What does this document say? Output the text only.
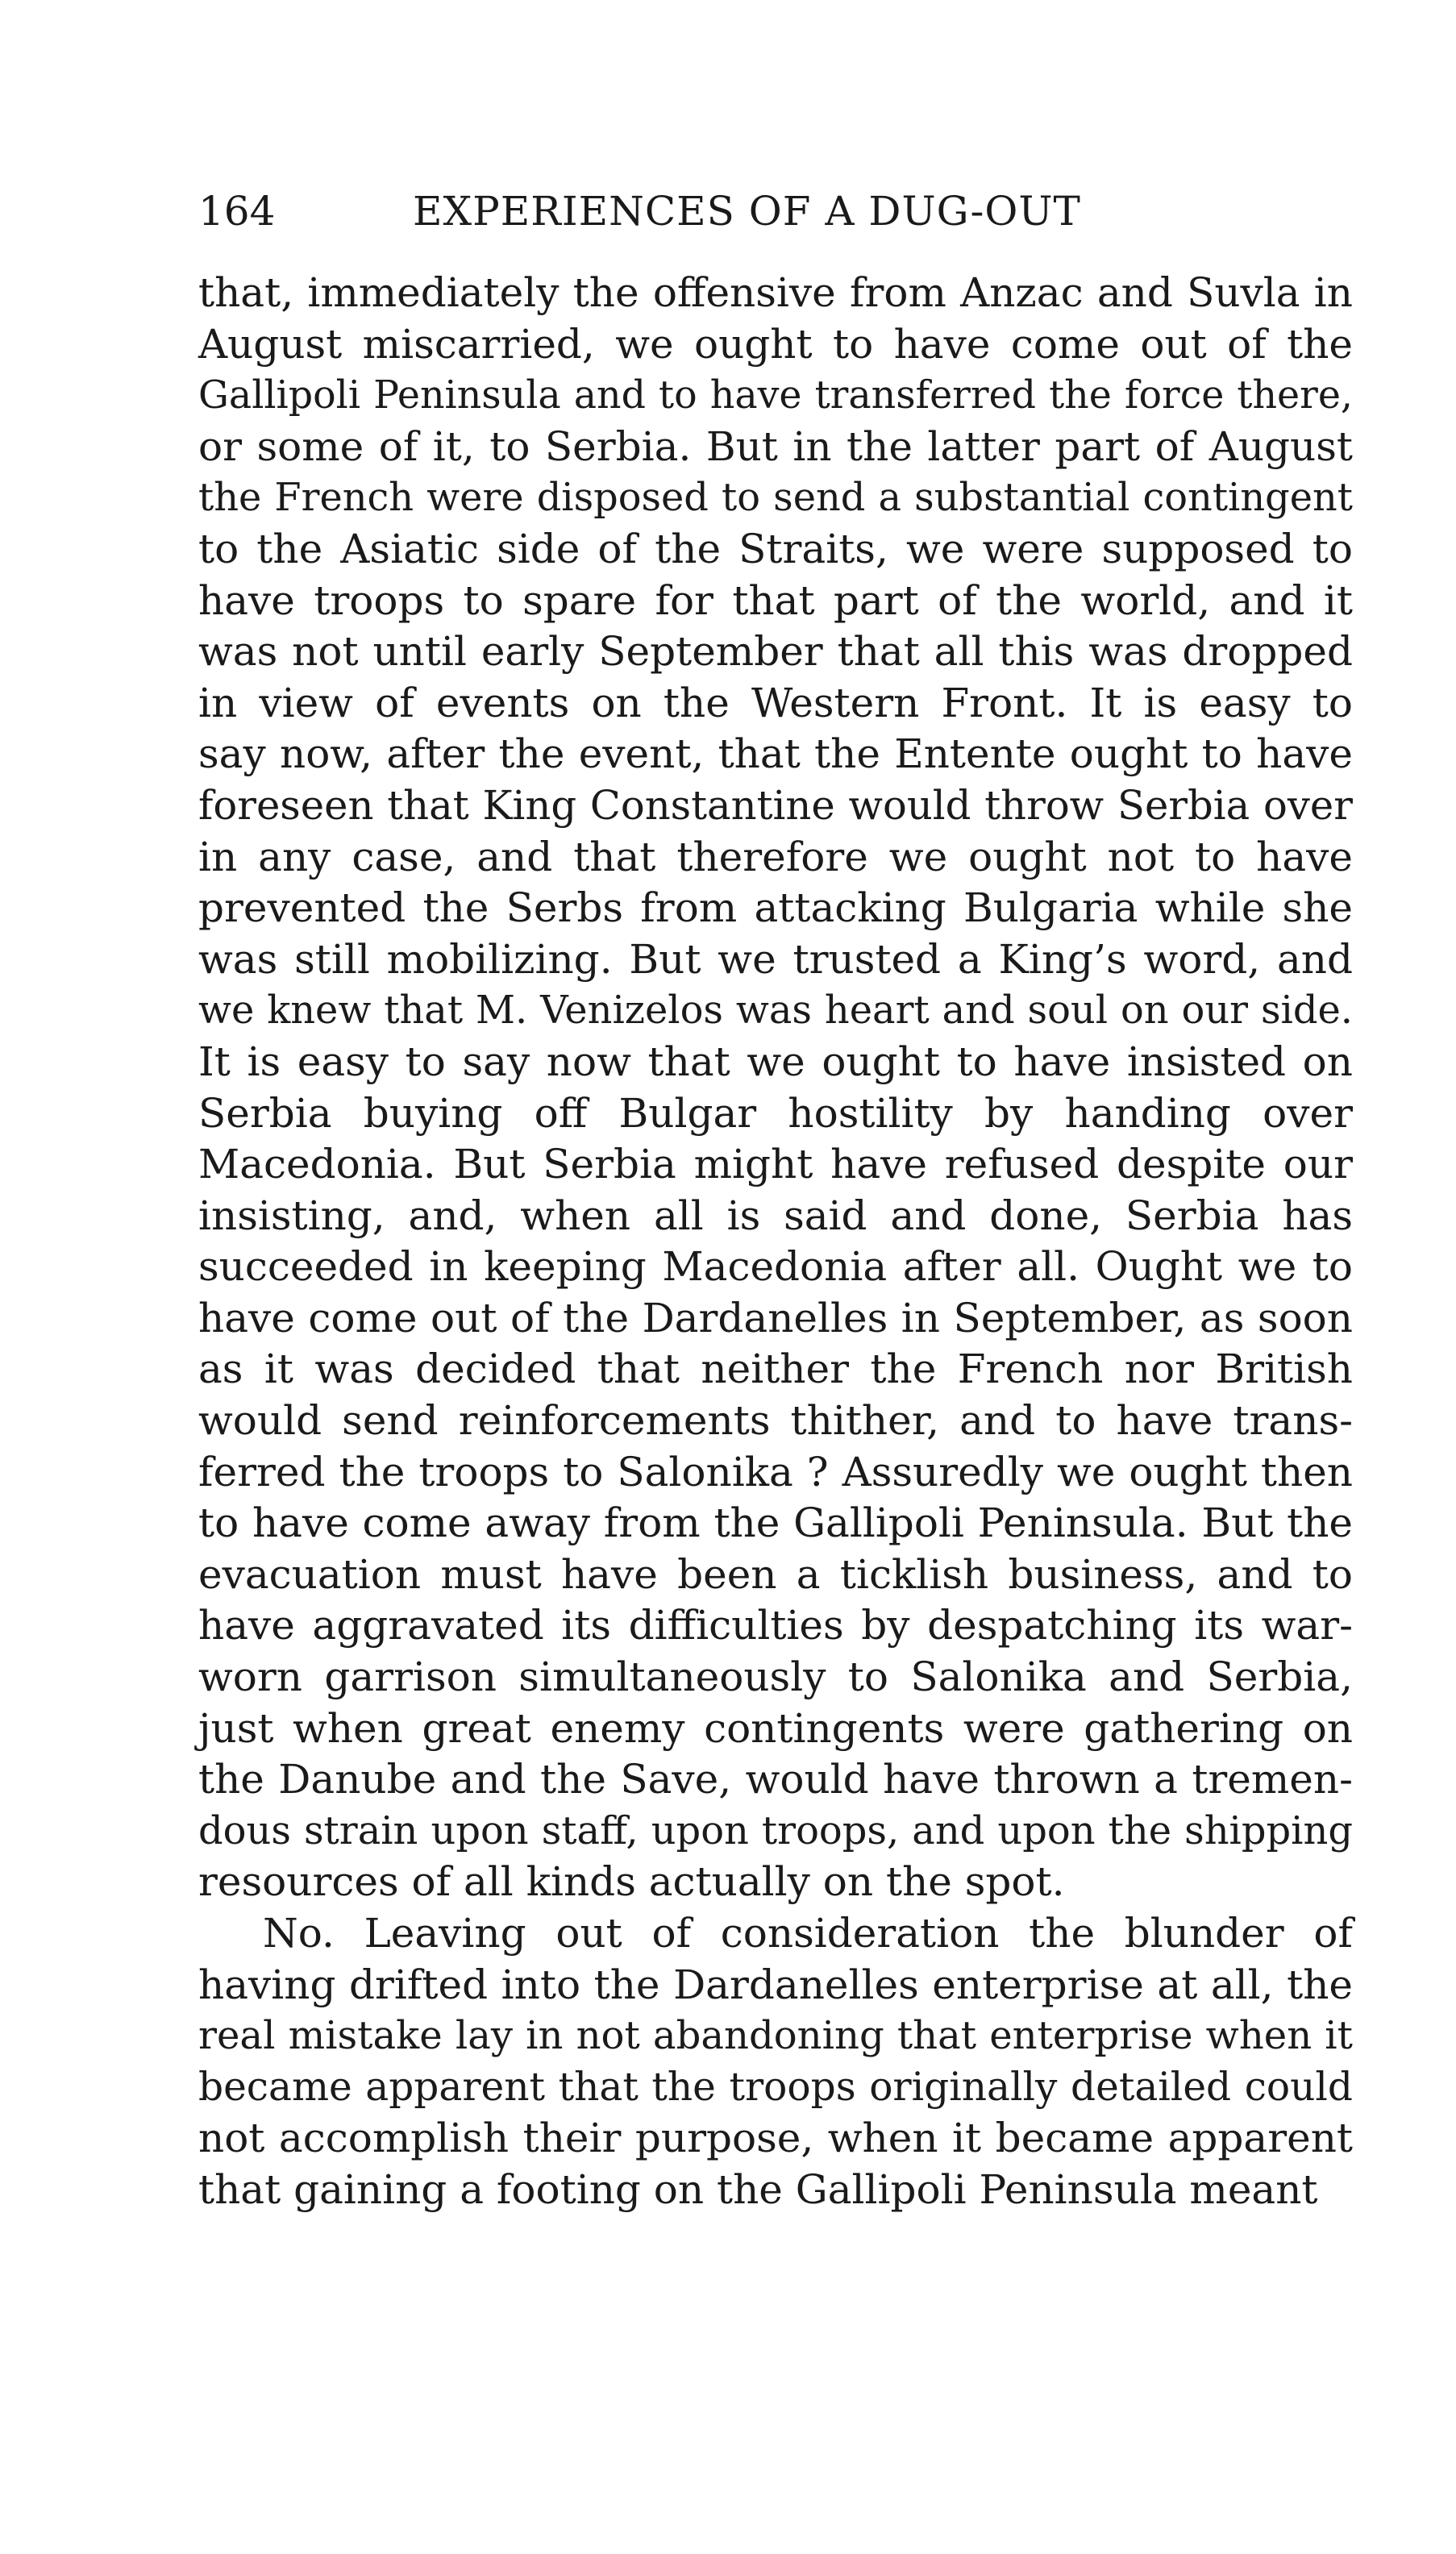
164	EXPERIENCES OF A DUG-OUT
that, immediately the offensive from Anzac and Suvla in
August miscarried, we ought to have come out of the
Gallipoli Peninsula and to have transferred the force there,
or some of it, to Serbia. But in the latter part of August
the French were disposed to send a substantial contingent
to the Asiatic side of the Straits, we were supposed to
have troops to spare for that part of the world, and it
was not until early September that all this was dropped
in view of events on the Western Front. It is easy to
say now, after the event, that the Entente ought to have
foreseen that King Constantine would throw Serbia over
in any case, and that therefore we ought not to have
prevented the Serbs from attacking Bulgaria while she
was still mobilizing. But we trusted a King’s word, and
we knew that M. Venizelos was heart and soul on our side.
It is easy to say now that we ought to have insisted on
Serbia buying off Bulgar hostility by handing over
Macedonia. But Serbia might have refused despite our
insisting, and, when all is said and done, Serbia has
succeeded in keeping Macedonia after all. Ought we to
have come out of the Dardanelles in September, as soon
as it was decided that neither the French nor British
would send reinforcements thither, and to have trans-
ferred the troops to Salonika ? Assuredly we ought then
to have come away from the Gallipoli Peninsula. But the
evacuation must have been a ticklish business, and to
have aggravated its difficulties by despatching its war-
worn garrison simultaneously to Salonika and Serbia,
just when great enemy contingents were gathering on
the Danube and the Save, would have thrown a tremen-
dous strain upon staff, upon troops, and upon the shipping
resources of all kinds actually on the spot.
No. Leaving out of consideration the blunder of
having drifted into the Dardanelles enterprise at all, the
real mistake lay in not abandoning that enterprise when it
became apparent that the troops originally detailed could
not accomplish their purpose, when it became apparent
that gaining a footing on the Gallipoli Peninsula meant
